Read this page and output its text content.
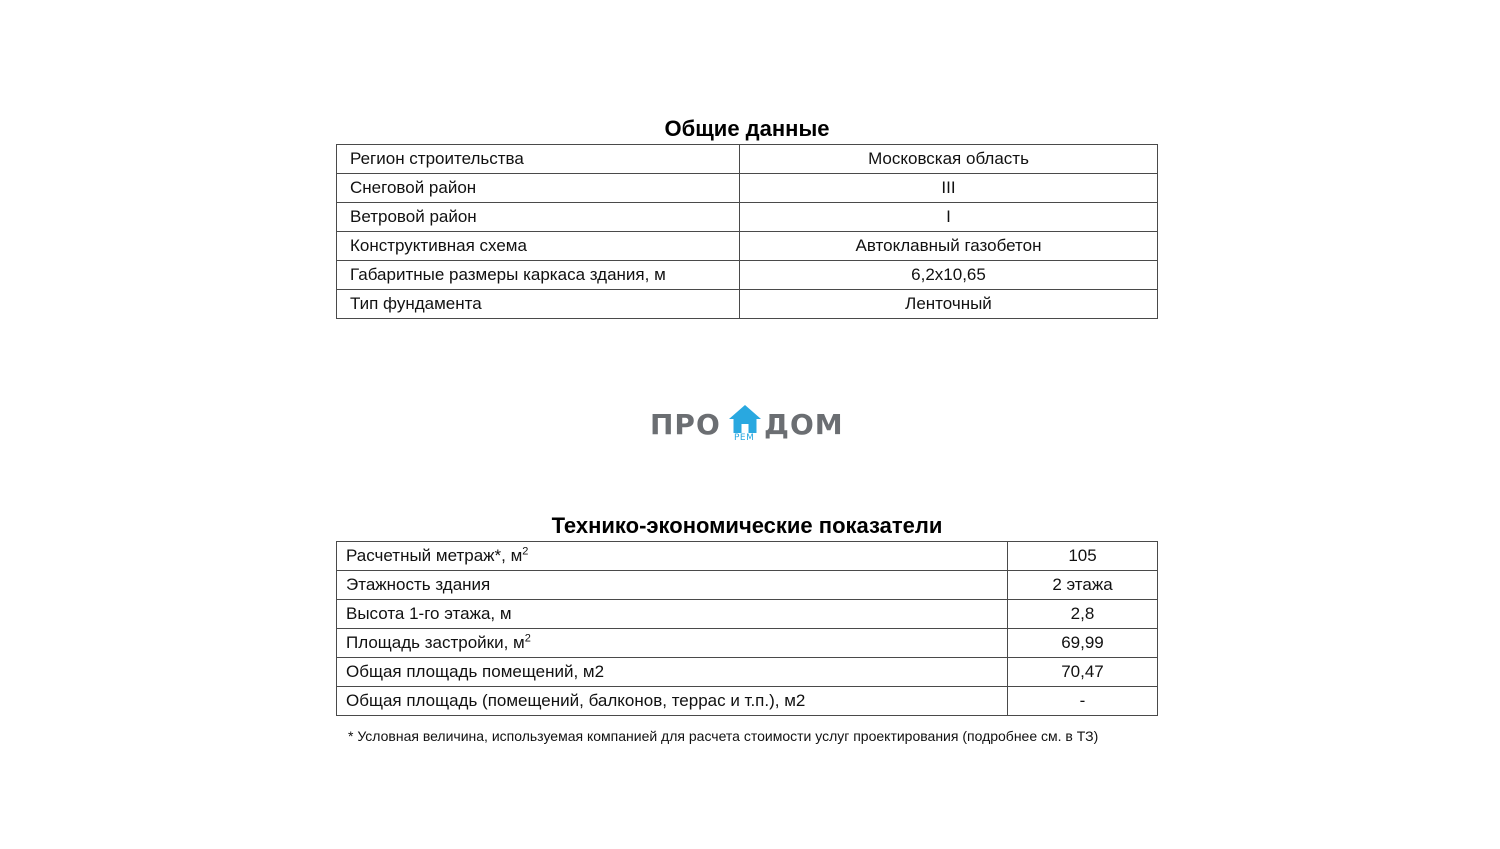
Общие данные
Регион строительства	Московская область
Снеговой район	III
Ветровой район	I
Конструктивная схема	Автоклавный газобетон
Габаритные размеры каркаса здания, м	6,2х10,65
Тип фундамента	Ленточный
ПРО РЕМ ДОМ
Технико-экономические показатели
Расчетный метраж*, $м^2$	105
Этажность здания	2 этажа
Высота 1-го этажа, м	2,8
Площадь застройки, $м^2$	69,99
Общая площадь помещений, м2	70,47
Общая площадь (помещений, балконов, террас и т.п.), м2	-
* Условная величина, используемая компанией для расчета стоимости услуг проектирования (подробнее см. в ТЗ)
